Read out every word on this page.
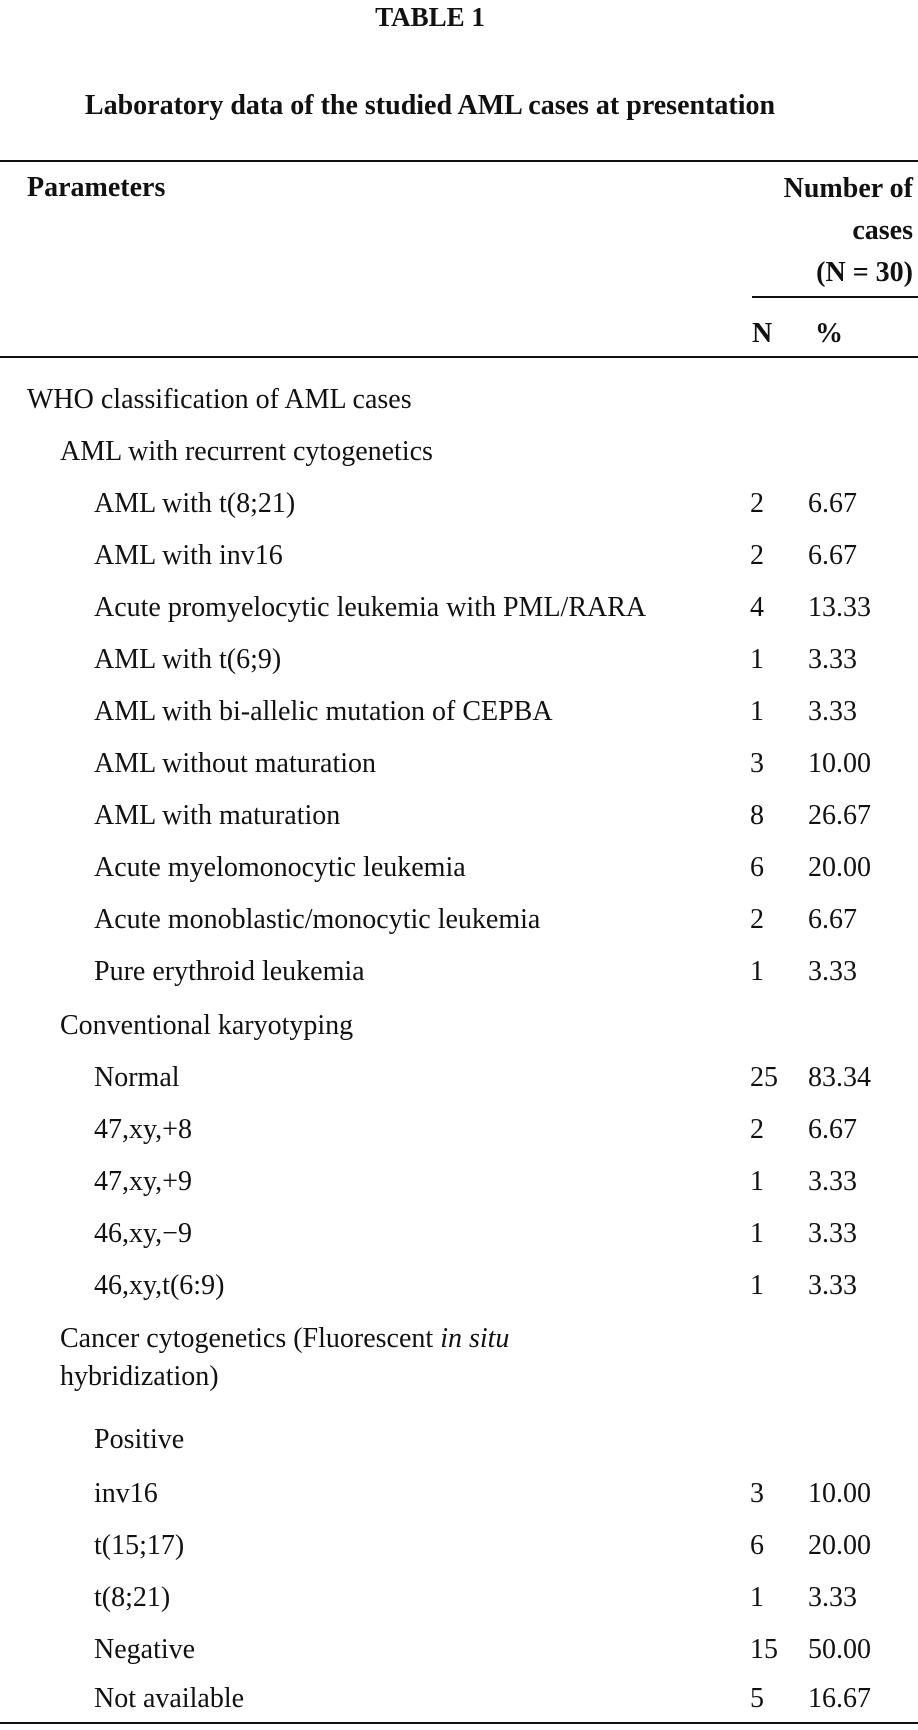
TABLE 1
Laboratory data of the studied AML cases at presentation
Parameters	Number of
cases
(N = 30)
N %
WHO classification of AML cases
AML with recurrent cytogenetics
AML with t(8;21)	2 6.67
AML with inv16	2 6.67
Acute promyelocytic leukemia with PML/RARA	4 13.33
AML with t(6;9)	1 3.33
AML with bi-allelic mutation of CEPBA	1 3.33
AML without maturation	3 10.00
AML with maturation	8 26.67
Acute myelomonocytic leukemia	6 20.00
Acute monoblastic/monocytic leukemia	2 6.67
Pure erythroid leukemia	1 3.33
Conventional karyotyping
Normal	25 83.34
47,xy,+8	2 6.67
47,xy,+9	1 3.33
46,xy,−9	1 3.33
46,xy,t(6:9)	1 3.33
Cancer cytogenetics (Fluorescent in situ
hybridization)
Positive
inv16	3 10.00
t(15;17)	6 20.00
t(8;21)	1 3.33
Negative	15 50.00
Not available	5 16.67
